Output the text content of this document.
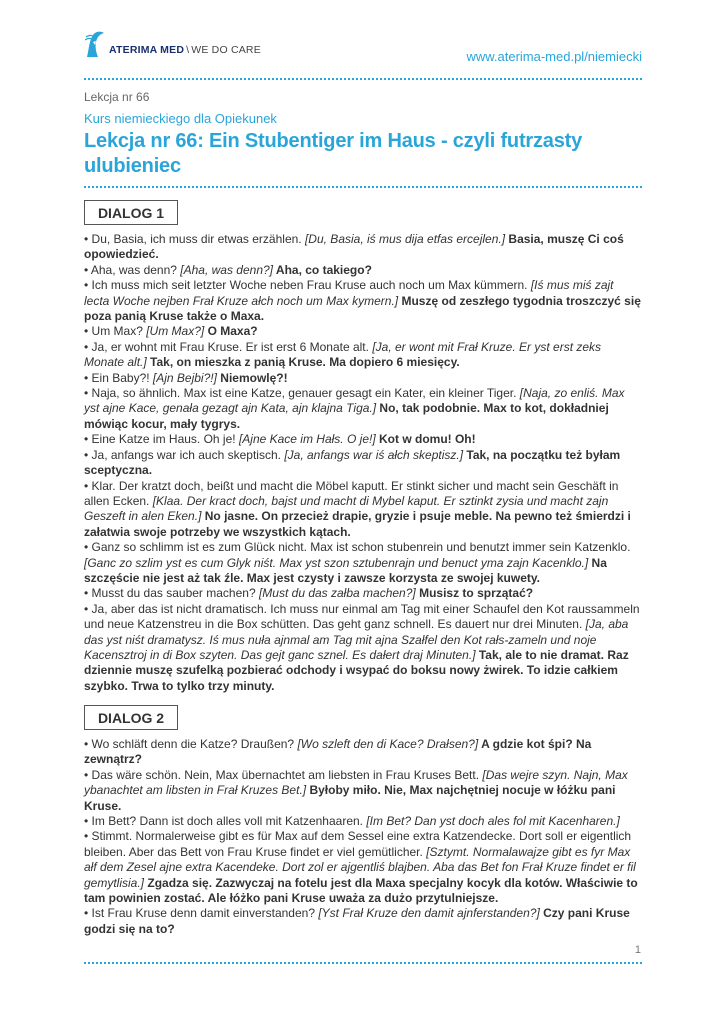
ATERIMA MED \ WE DO CARE	www.aterima-med.pl/niemiecki
Lekcja nr 66
Kurs niemieckiego dla Opiekunek
Lekcja nr 66: Ein Stubentiger im Haus - czyli futrzasty ulubieniec
DIALOG 1

• Du, Basia, ich muss dir etwas erzählen. [Du, Basia, iś mus dija etfas ercejlen.] Basia, muszę Ci coś opowiedzieć.

• Aha, was denn? [Aha, was denn?] Aha, co takiego?

• Ich muss mich seit letzter Woche neben Frau Kruse auch noch um Max kümmern. [Iś mus miś zajt lecta Woche nejben Frał Kruze ałch noch um Max kymern.] Muszę od zeszłego tygodnia troszczyć się poza panią Kruse także o Maxa.

• Um Max? [Um Max?] O Maxa?

• Ja, er wohnt mit Frau Kruse. Er ist erst 6 Monate alt. [Ja, er wont mit Frał Kruze. Er yst erst zeks Monate alt.] Tak, on mieszka z panią Kruse. Ma dopiero 6 miesięcy.

• Ein Baby?! [Ajn Bejbi?!] Niemowlę?!

• Naja, so ähnlich. Max ist eine Katze, genauer gesagt ein Kater, ein kleiner Tiger. [Naja, zo enliś. Max yst ajne Kace, genała gezagt ajn Kata, ajn klajna Tiga.] No, tak podobnie. Max to kot, dokładniej mówiąc kocur, mały tygrys.

• Eine Katze im Haus. Oh je! [Ajne Kace im Hałs. O je!] Kot w domu! Oh!

• Ja, anfangs war ich auch skeptisch. [Ja, anfangs war iś ałch skeptisz.] Tak, na początku też byłam sceptyczna.

• Klar. Der kratzt doch, beißt und macht die Möbel kaputt. Er stinkt sicher und macht sein Geschäft in allen Ecken. [Klaa. Der kract doch, bajst und macht di Mybel kaput. Er sztinkt zysia und macht zajn Geszeft in alen Eken.] No jasne. On przecież drapie, gryzie i psuje meble. Na pewno też śmierdzi i załatwia swoje potrzeby we wszystkich kątach.

• Ganz so schlimm ist es zum Glück nicht. Max ist schon stubenrein und benutzt immer sein Katzenklo. [Ganc zo szlim yst es cum Glyk niśt. Max yst szon sztubenrajn und benuct yma zajn Kacenklo.] Na szczęście nie jest aż tak źle. Max jest czysty i zawsze korzysta ze swojej kuwety.

• Musst du das sauber machen? [Must du das załba machen?] Musisz to sprzątać?

• Ja, aber das ist nicht dramatisch. Ich muss nur einmal am Tag mit einer Schaufel den Kot raussammeln und neue Katzenstreu in die Box schütten. Das geht ganz schnell. Es dauert nur drei Minuten. [Ja, aba das yst niśt dramatysz. Iś mus nuła ajnmal am Tag mit ajna Szałfel den Kot rałs-zameln und noje Kacensztroj in di Box szyten. Das gejt ganc sznel. Es dałert draj Minuten.] Tak, ale to nie dramat. Raz dziennie muszę szufelką pozbierać odchody i wsypać do boksu nowy żwirek. To idzie całkiem szybko. Trwa to tylko trzy minuty.

DIALOG 2

• Wo schläft denn die Katze? Draußen? [Wo szleft den di Kace? Drałsen?] A gdzie kot śpi? Na zewnątrz?

• Das wäre schön. Nein, Max übernachtet am liebsten in Frau Kruses Bett. [Das wejre szyn. Najn, Max ybanachtet am libsten in Frał Kruzes Bet.] Byłoby miło. Nie, Max najchętniej nocuje w łóżku pani Kruse.

• Im Bett? Dann ist doch alles voll mit Katzenhaaren. [Im Bet? Dan yst doch ales fol mit Kacenharen.]

• Stimmt. Normalerweise gibt es für Max auf dem Sessel eine extra Katzendecke. Dort soll er eigentlich bleiben. Aber das Bett von Frau Kruse findet er viel gemütlicher. [Sztymt. Normalawajze gibt es fyr Max ałf dem Zesel ajne extra Kacendeke. Dort zol er ajgentliś blajben. Aba das Bet fon Frał Kruze findet er fil gemytlisia.] Zgadza się. Zazwyczaj na fotelu jest dla Maxa specjalny kocyk dla kotów. Właściwie to tam powinien zostać. Ale łóżko pani Kruse uważa za dużo przytulniejsze.

• Ist Frau Kruse denn damit einverstanden? [Yst Frał Kruze den damit ajnferstanden?] Czy pani Kruse godzi się na to?

1
